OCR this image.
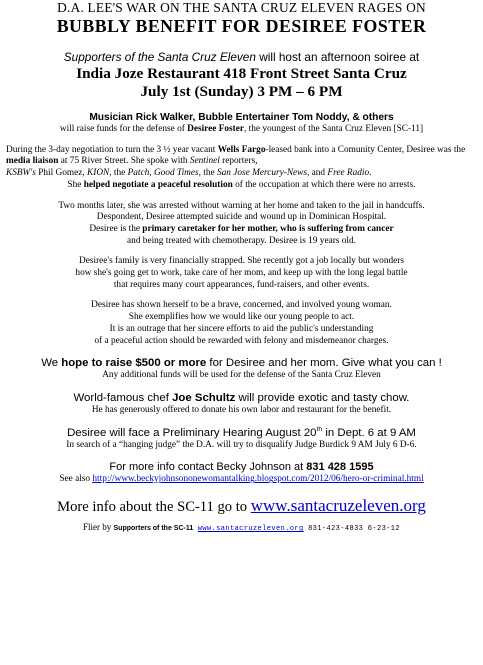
D.A. LEE'S WAR ON THE SANTA CRUZ ELEVEN RAGES ON
BUBBLY BENEFIT FOR DESIREE FOSTER
Supporters of the Santa Cruz Eleven will host an afternoon soiree at
India Joze Restaurant 418 Front Street Santa Cruz
July 1st (Sunday) 3 PM – 6 PM
Musician Rick Walker, Bubble Entertainer Tom Noddy, & others
will raise funds for the defense of Desiree Foster, the youngest of the Santa Cruz Eleven [SC-11]
During the 3-day negotiation to turn the 3 ½ year vacant Wells Fargo-leased bank into a Comunity Center, Desiree was the
media liaison at 75 River Street. She spoke with Sentinel reporters,
KSBW's Phil Gomez, KION, the Patch, Good Times, the San Jose Mercury-News, and Free Radio.
She helped negotiate a peaceful resolution of the occupation at which there were no arrests.
Two months later, she was arrested without warning at her home and taken to the jail in handcuffs.
Despondent, Desiree attempted suicide and wound up in Dominican Hospital.
Desiree is the primary caretaker for her mother, who is suffering from cancer
and being treated with chemotherapy. Desiree is 19 years old.
Desiree's family is very financially strapped. She recently got a job locally but wonders
how she's going get to work, take care of her mom, and keep up with the long legal battle
that requires many court appearances, fund-raisers, and other events.
Desiree has shown herself to be a brave, concerned, and involved young woman.
She exemplifies how we would like our young people to act.
It is an outrage that her sincere efforts to aid the public's understanding
of a peaceful action should be rewarded with felony and misdemeanor charges.
We hope to raise $500 or more for Desiree and her mom. Give what you can !
Any additional funds will be used for the defense of the Santa Cruz Eleven
World-famous chef Joe Schultz will provide exotic and tasty chow.
He has generously offered to donate his own labor and restaurant for the benefit.
Desiree will face a Preliminary Hearing August 20th in Dept. 6 at 9 AM
In search of a “hanging judge” the D.A. will try to disqualify Judge Burdick 9 AM July 6 D-6.
For more info contact Becky Johnson at 831 428 1595
See also http://www.beckyjohnsononewomantalking.blogspot.com/2012/06/hero-or-criminal.html
More info about the SC-11 go to www.santacruzeleven.org
Flier by Supporters of the SC-11 www.santacruzeleven.org 831-423-4833 6-23-12
